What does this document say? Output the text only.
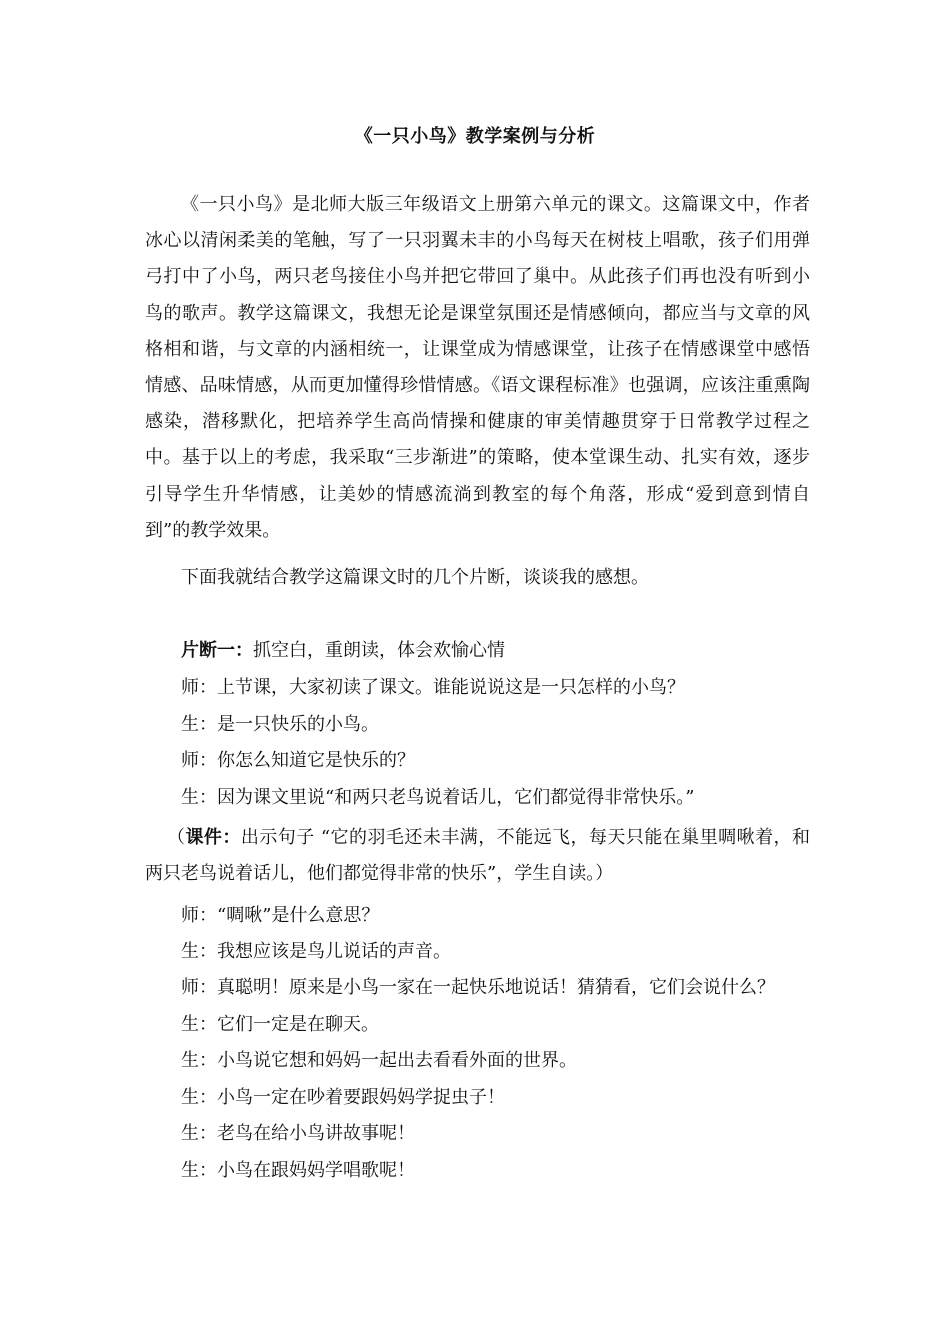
《一只小鸟》教学案例与分析

《一只小鸟》是北师大版三年级语文上册第六单元的课文。这篇课文中，作者冰心以清闲柔美的笔触，写了一只羽翼未丰的小鸟每天在树枝上唱歌，孩子们用弹弓打中了小鸟，两只老鸟接住小鸟并把它带回了巢中。从此孩子们再也没有听到小鸟的歌声。教学这篇课文，我想无论是课堂氛围还是情感倾向，都应当与文章的风格相和谐，与文章的内涵相统一，让课堂成为情感课堂，让孩子在情感课堂中感悟情感、品味情感，从而更加懂得珍惜情感。《语文课程标准》也强调，应该注重熏陶感染，潜移默化，把培养学生高尚情操和健康的审美情趣贯穿于日常教学过程之中。基于以上的考虑，我采取“三步渐进”的策略，使本堂课生动、扎实有效，逐步引导学生升华情感，让美妙的情感流淌到教室的每个角落，形成“爱到意到情自到”的教学效果。

下面我就结合教学这篇课文时的几个片断，谈谈我的感想。

片断一：抓空白，重朗读，体会欢愉心情

师：上节课，大家初读了课文。谁能说说这是一只怎样的小鸟？

生：是一只快乐的小鸟。

师：你怎么知道它是快乐的？

生：因为课文里说“和两只老鸟说着话儿，它们都觉得非常快乐。”

（课件：出示句子 “它的羽毛还未丰满，不能远飞，每天只能在巢里啁啾着，和两只老鸟说着话儿，他们都觉得非常的快乐”，学生自读。）

师：“啁啾”是什么意思？

生：我想应该是鸟儿说话的声音。

师：真聪明！原来是小鸟一家在一起快乐地说话！猜猜看，它们会说什么？

生：它们一定是在聊天。

生：小鸟说它想和妈妈一起出去看看外面的世界。

生：小鸟一定在吵着要跟妈妈学捉虫子！

生：老鸟在给小鸟讲故事呢！

生：小鸟在跟妈妈学唱歌呢！
